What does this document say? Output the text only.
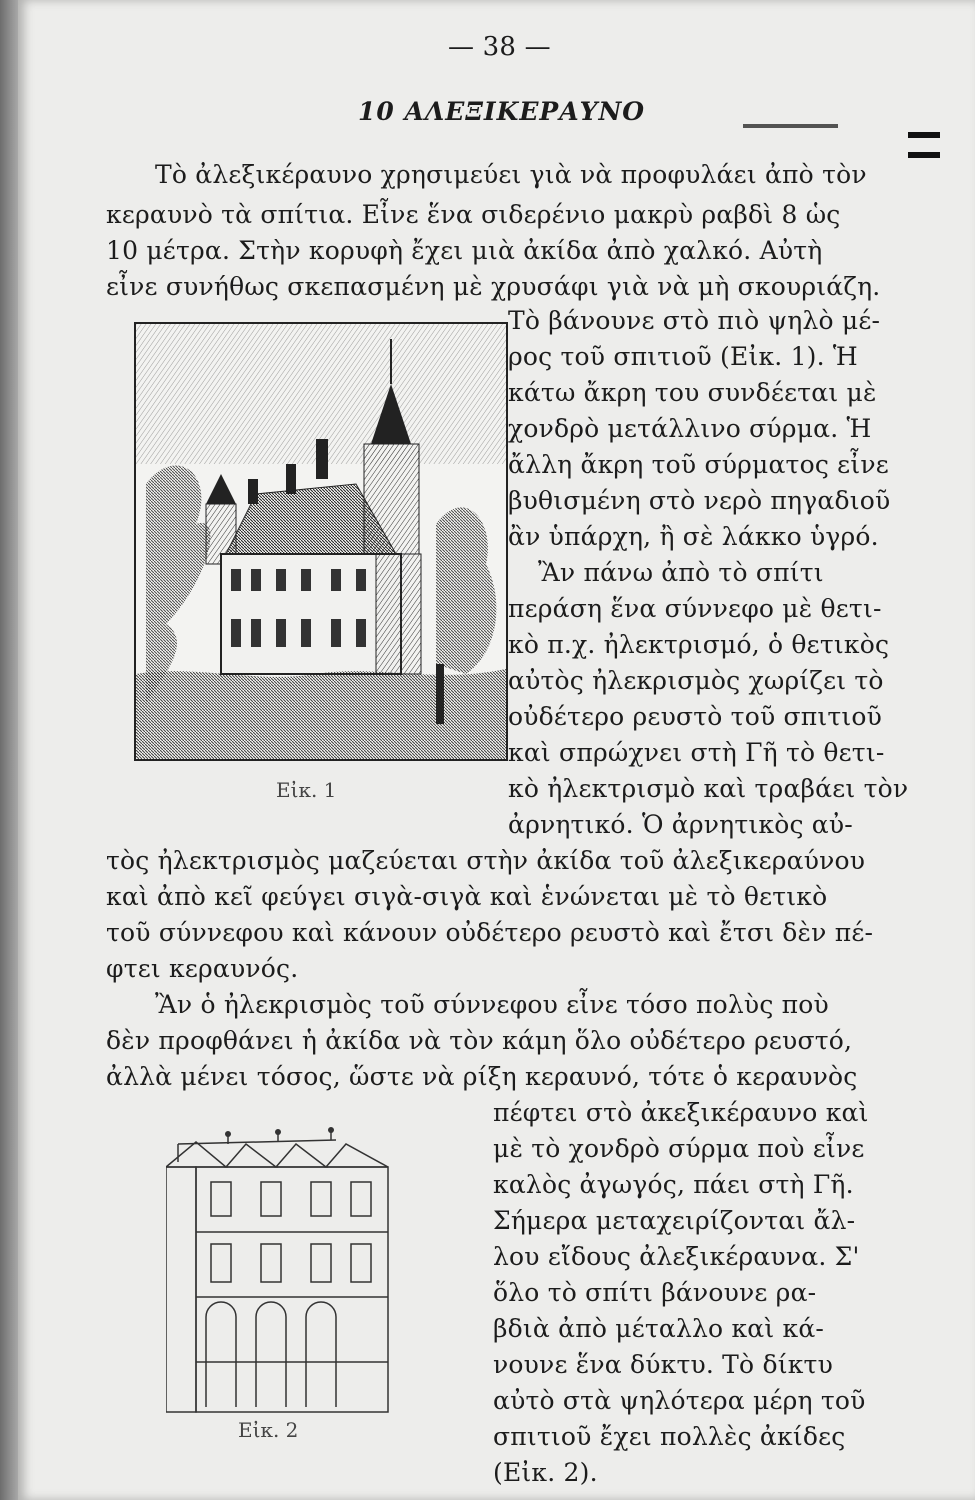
— 38 —
10 ΑΛΕΞΙΚΕΡΑΥΝΟ
Τὸ ἀλεξικέραυνο χρησιμεύει γιὰ νὰ προφυλάει ἀπὸ τὸν
κεραυνὸ τὰ σπίτια. Εἶνε ἕνα σιδερένιο μακρὺ ραβδὶ 8 ὡς
10 μέτρα. Στὴν κορυφὴ ἔχει μιὰ ἀκίδα ἀπὸ χαλκό. Αὐτὴ
εἶνε συνήθως σκεπασμένη μὲ χρυσάφι γιὰ νὰ μὴ σκουριάζη.
Τὸ βάνουνε στὸ πιὸ ψηλὸ μέ-
ρος τοῦ σπιτιοῦ (Εἰκ. 1). Ἡ
κάτω ἄκρη του συνδέεται μὲ
χονδρὸ μετάλλινο σύρμα. Ἡ
ἄλλη ἄκρη τοῦ σύρματος εἶνε
βυθισμένη στὸ νερὸ πηγαδιοῦ
ἂν ὑπάρχη, ἢ σὲ λάκκο ὑγρό.
Ἂν πάνω ἀπὸ τὸ σπίτι
περάση ἕνα σύννεφο μὲ θετι-
κὸ π.χ. ἠλεκτρισμό, ὁ θετικὸς
αὐτὸς ἠλεκρισμὸς χωρίζει τὸ
οὐδέτερο ρευστὸ τοῦ σπιτιοῦ
καὶ σπρώχνει στὴ Γῆ τὸ θετι-
κὸ ἠλεκτρισμὸ καὶ τραβάει τὸν
ἀρνητικό. Ὁ ἀρνητικὸς αὐ-
τὸς ἠλεκτρισμὸς μαζεύεται στὴν ἀκίδα τοῦ ἀλεξικεραύνου
καὶ ἀπὸ κεῖ φεύγει σιγὰ-σιγὰ καὶ ἑνώνεται μὲ τὸ θετικὸ
τοῦ σύννεφου καὶ κάνουν οὐδέτερο ρευστὸ καὶ ἔτσι δὲν πέ-
φτει κεραυνός.
Ἂν ὁ ἠλεκρισμὸς τοῦ σύννεφου εἶνε τόσο πολὺς ποὺ
δὲν προφθάνει ἡ ἀκίδα νὰ τὸν κάμη ὅλο οὐδέτερο ρευστό,
ἀλλὰ μένει τόσος, ὥστε νὰ ρίξη κεραυνό, τότε ὁ κεραυνὸς
πέφτει στὸ ἀκεξικέραυνο καὶ
μὲ τὸ χονδρὸ σύρμα ποὺ εἶνε
καλὸς ἀγωγός, πάει στὴ Γῆ.
Σήμερα μεταχειρίζονται ἄλ-
λου εἴδους ἀλεξικέραυνα. Σ'
ὅλο τὸ σπίτι βάνουνε ρα-
βδιὰ ἀπὸ μέταλλο καὶ κά-
νουνε ἕνα δύκτυ. Τὸ δίκτυ
αὐτὸ στὰ ψηλότερα μέρη τοῦ
σπιτιοῦ ἔχει πολλὲς ἀκίδες
(Εἰκ. 2).
Εἰκ. 1
Εἰκ. 2
